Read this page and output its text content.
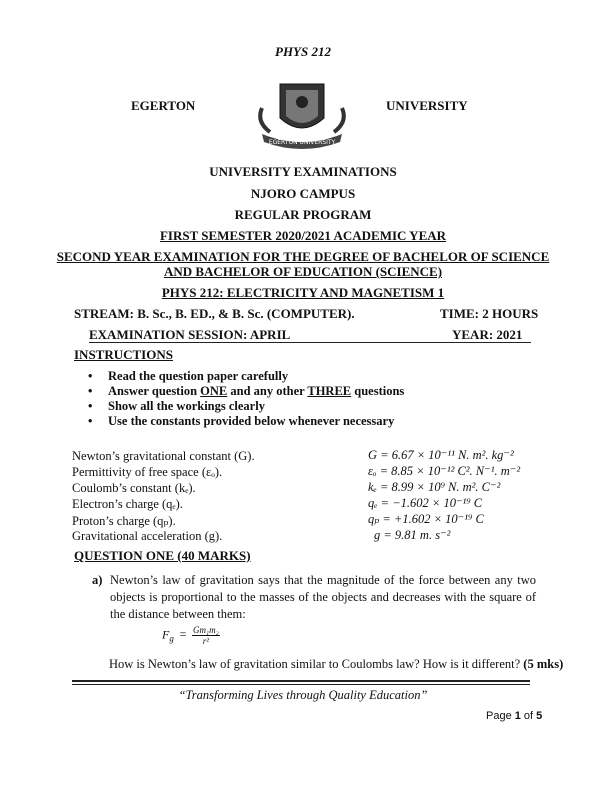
PHYS 212
EGERTON	UNIVERSITY
EGERTON UNIVERSITY
UNIVERSITY EXAMINATIONS
NJORO CAMPUS
REGULAR PROGRAM
FIRST SEMESTER 2020/2021 ACADEMIC YEAR
SECOND YEAR EXAMINATION FOR THE DEGREE OF BACHELOR OF SCIENCE
AND BACHELOR OF EDUCATION (SCIENCE)
PHYS 212: ELECTRICITY AND MAGNETISM 1
STREAM: B. Sc., B. ED., & B. Sc. (COMPUTER).	TIME: 2 HOURS
EXAMINATION SESSION: APRIL	YEAR: 2021
INSTRUCTIONS
• Read the question paper carefully
• Answer question ONE and any other THREE questions
• Show all the workings clearly
• Use the constants provided below whenever necessary
Newton’s gravitational constant (G).	G = 6.67 × 10⁻¹¹ N. m². kg⁻²
Permittivity of free space (εₒ).	εₒ = 8.85 × 10⁻¹² C². N⁻¹. m⁻²
Coulomb’s constant (kₑ).	kₑ = 8.99 × 10⁹ N. m². C⁻²
Electron’s charge (qₑ).	qₑ = −1.602 × 10⁻¹⁹ C
Proton’s charge (qₚ).	qₚ = +1.602 × 10⁻¹⁹ C
Gravitational acceleration (g).	g = 9.81 m. s⁻²
QUESTION ONE (40 MARKS)
a) Newton’s law of gravitation says that the magnitude of the force between any two objects is proportional to the masses of the objects and decreases with the square of the distance between them:
$F_g = \frac{\text{Gm₁m₂}}{\text{r²}}$
How is Newton’s law of gravitation similar to Coulombs law? How is it different? (5 mks)
“Transforming Lives through Quality Education”
Page 1 of 5
